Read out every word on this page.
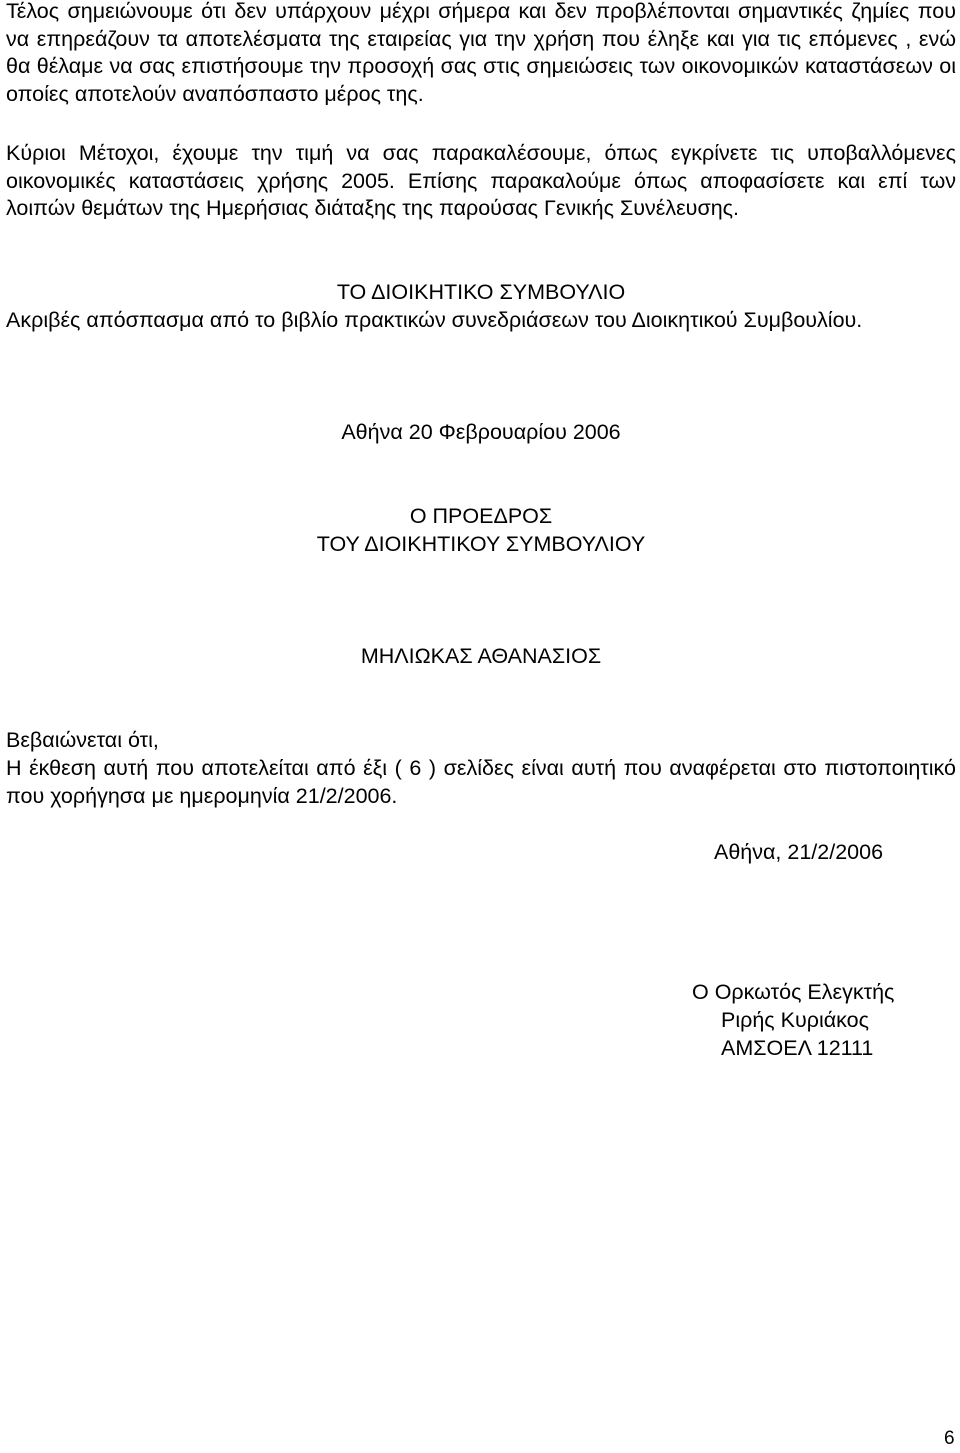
Τέλος σημειώνουμε ότι δεν υπάρχουν μέχρι σήμερα και δεν προβλέπονται σημαντικές ζημίες που να επηρεάζουν τα αποτελέσματα της εταιρείας για την χρήση που έληξε και για τις επόμενες , ενώ θα θέλαμε να σας επιστήσουμε την προσοχή σας στις σημειώσεις των οικονομικών καταστάσεων οι οποίες αποτελούν αναπόσπαστο μέρος της.

Κύριοι Μέτοχοι, έχουμε την τιμή να σας παρακαλέσουμε, όπως εγκρίνετε τις υποβαλλόμενες οικονομικές καταστάσεις χρήσης 2005. Επίσης παρακαλούμε όπως αποφασίσετε και επί των λοιπών θεμάτων της Ημερήσιας διάταξης της παρούσας Γενικής Συνέλευσης.

ΤΟ ΔΙΟΙΚΗΤΙΚΟ ΣΥΜΒΟΥΛΙΟ

Ακριβές απόσπασμα από το βιβλίο πρακτικών συνεδριάσεων του Διοικητικού Συμβουλίου.

Αθήνα 20 Φεβρουαρίου 2006
Ο ΠΡΟΕΔΡΟΣ
ΤΟΥ ΔΙΟΙΚΗΤΙΚΟΥ ΣΥΜΒΟΥΛΙΟΥ
ΜΗΛΙΩΚΑΣ ΑΘΑΝΑΣΙΟΣ
Βεβαιώνεται ότι,

Η έκθεση αυτή που αποτελείται από έξι ( 6 ) σελίδες είναι αυτή που αναφέρεται στο πιστοποιητικό που χορήγησα με ημερομηνία 21/2/2006.

Αθήνα, 21/2/2006
Ο Ορκωτός Ελεγκτής
Ριρής Κυριάκος
ΑΜΣΟΕΛ 12111
6
